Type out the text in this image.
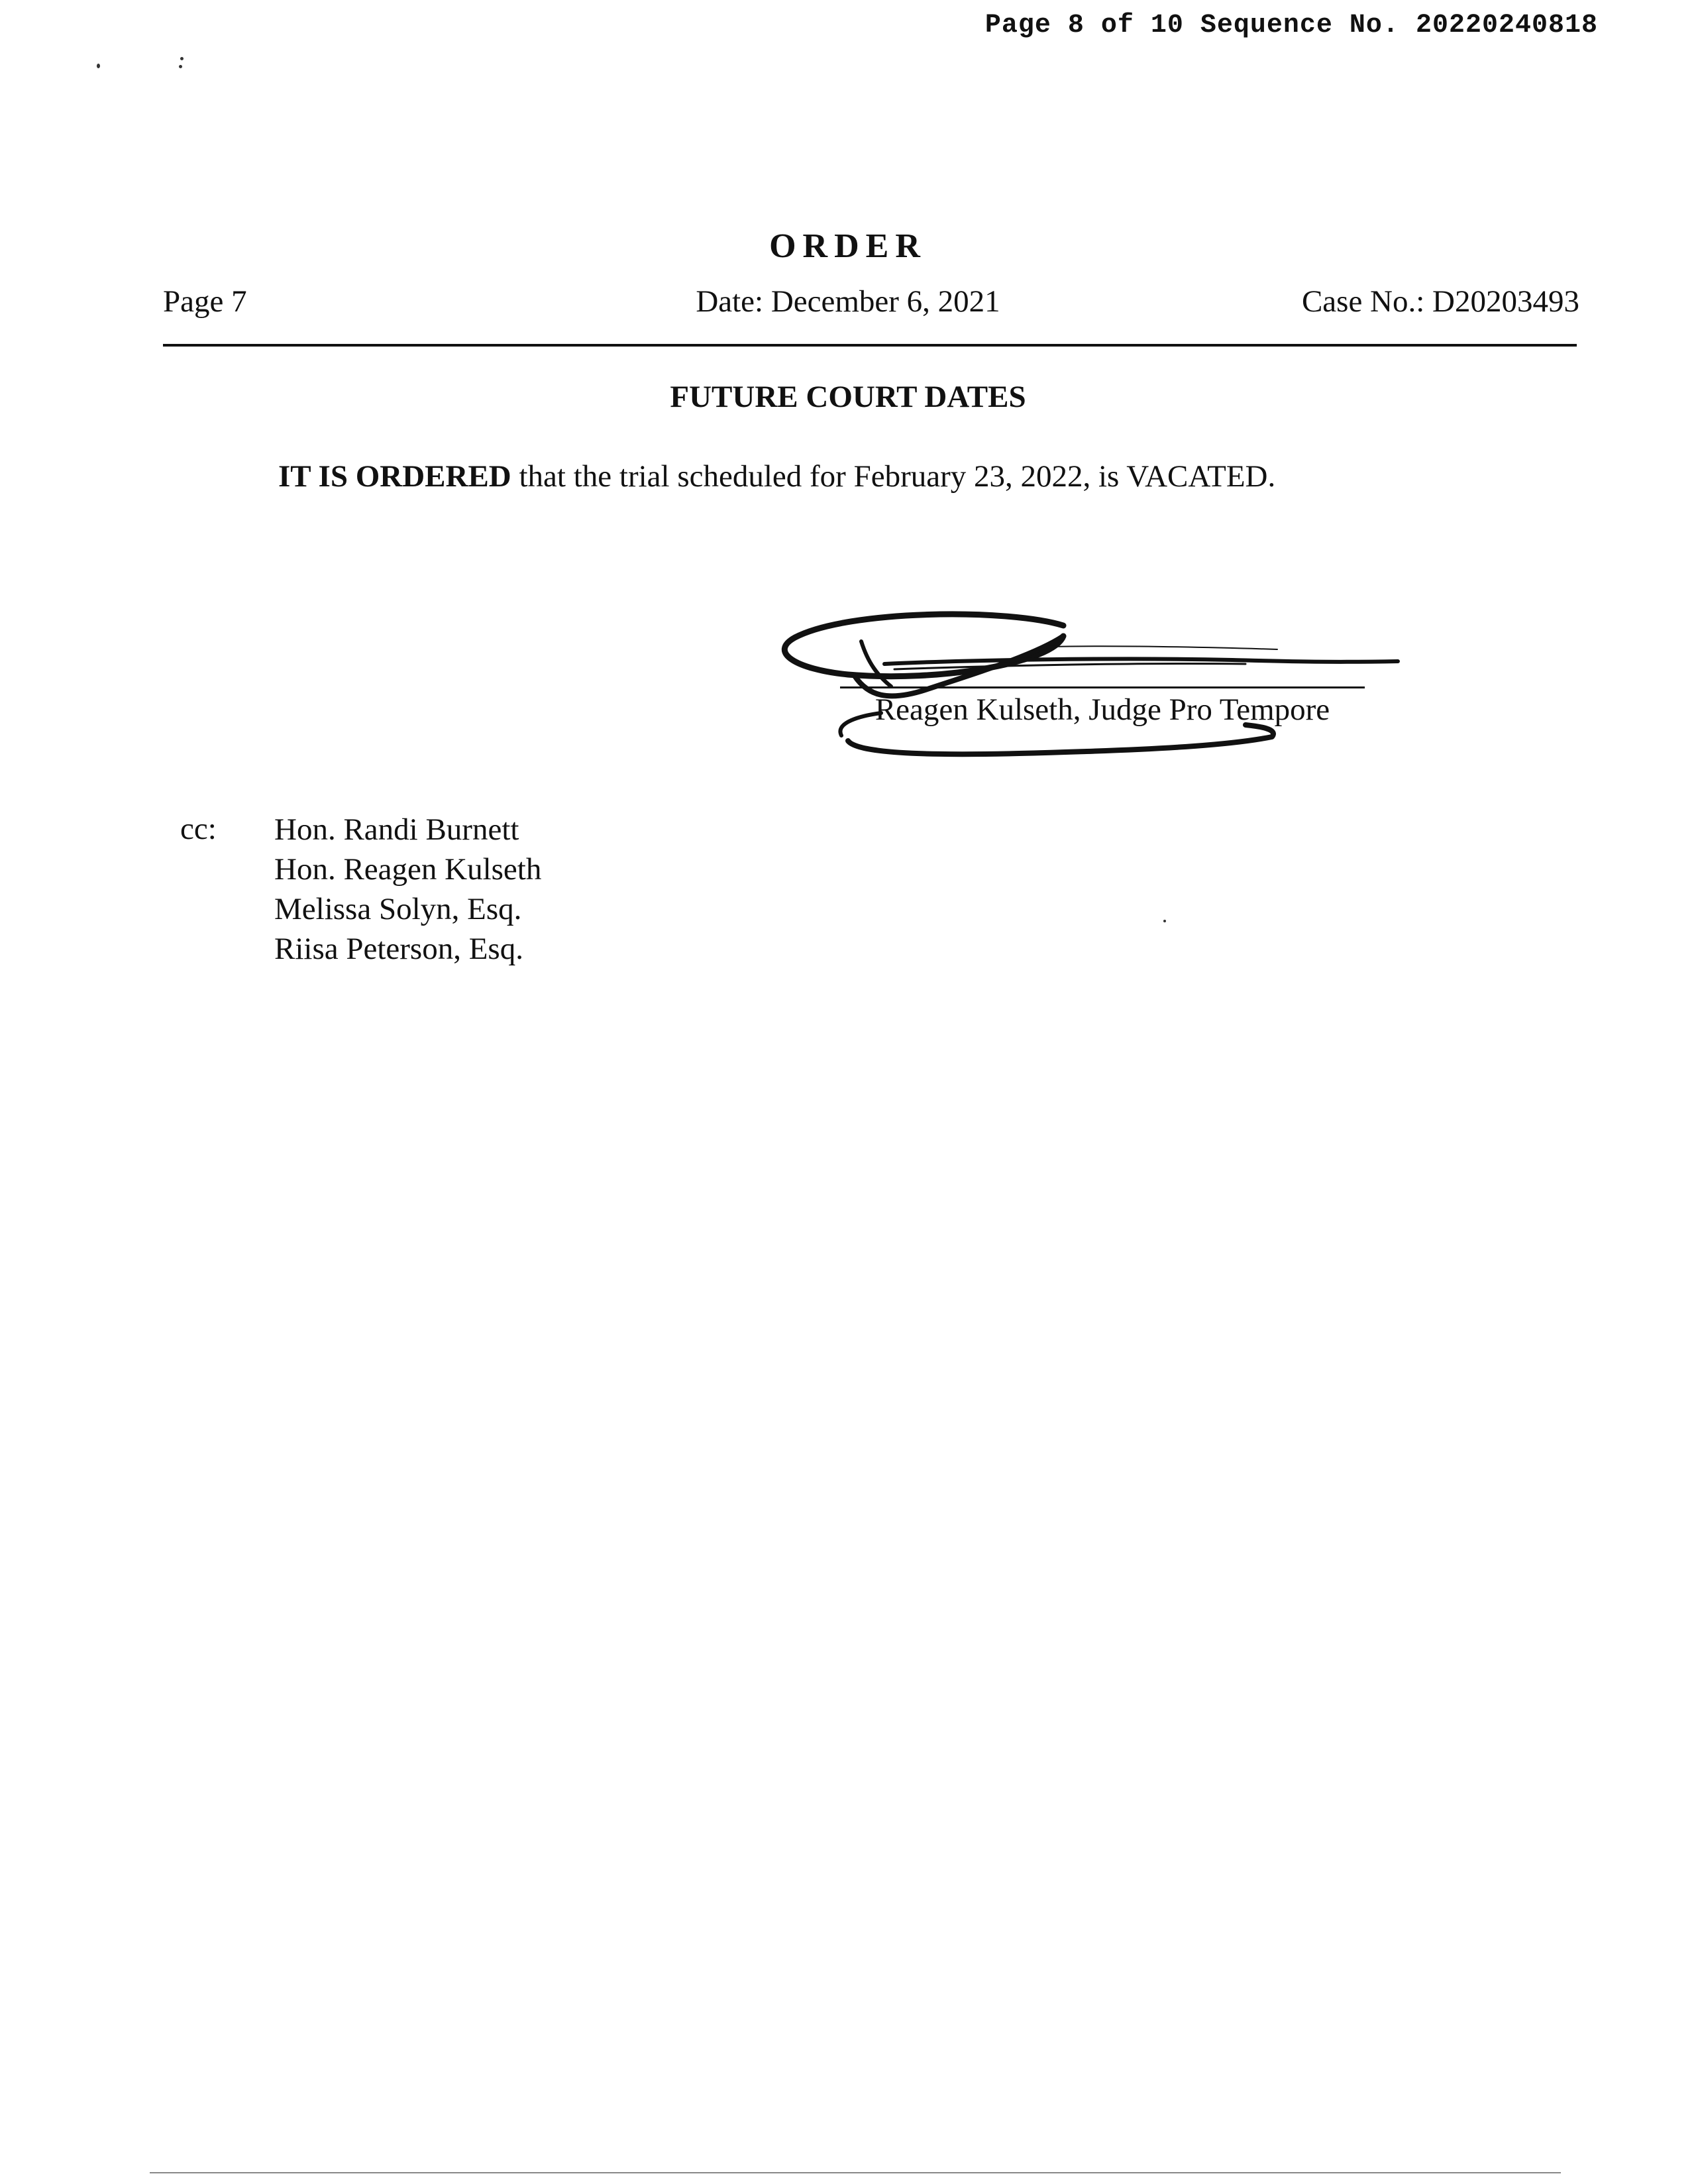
Page 8 of 10 Sequence No. 20220240818
ORDER
Page 7	Date: December 6, 2021	Case No.: D20203493
FUTURE COURT DATES
IT IS ORDERED that the trial scheduled for February 23, 2022, is VACATED.
Reagen Kulseth, Judge Pro Tempore
cc: Hon. Randi Burnett
Hon. Reagen Kulseth
Melissa Solyn, Esq.
Riisa Peterson, Esq.
